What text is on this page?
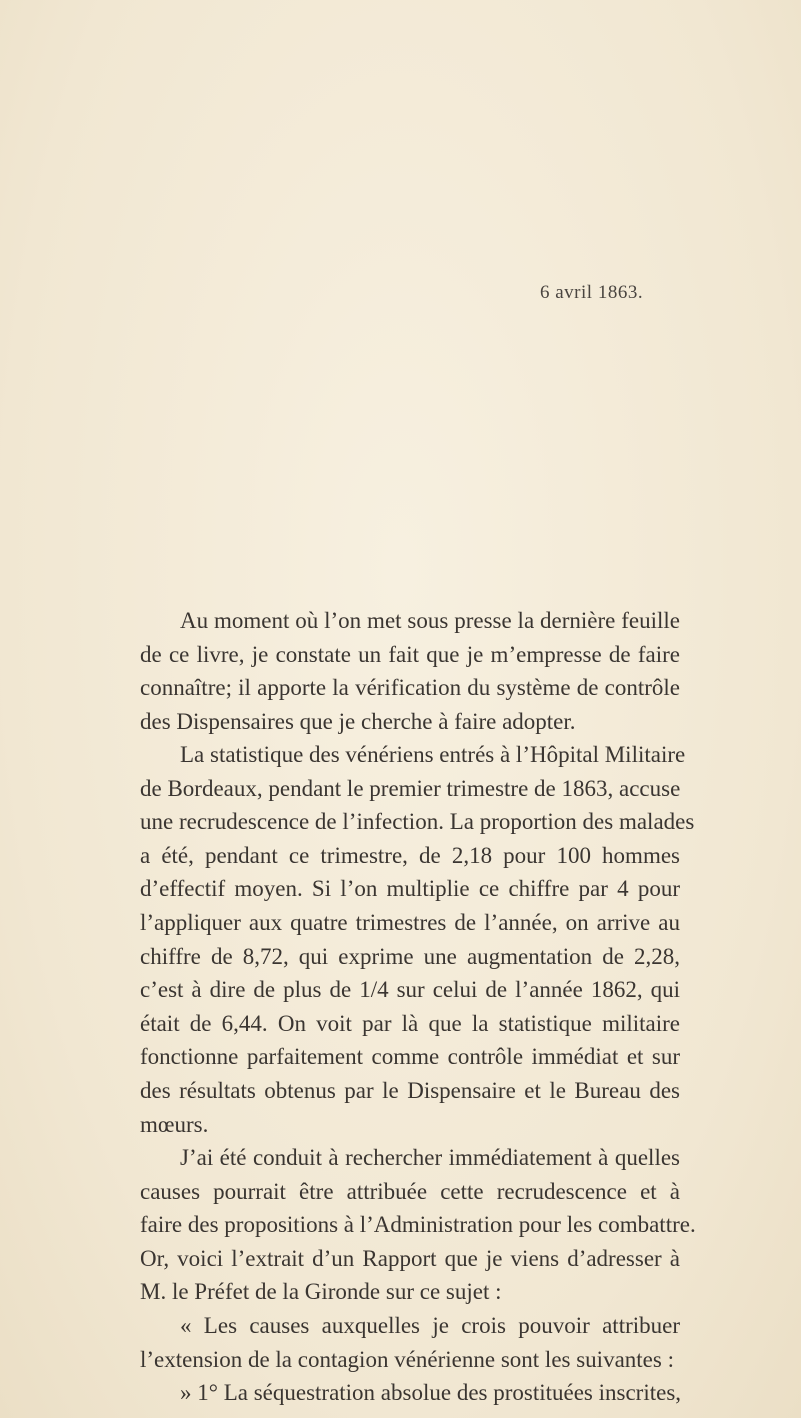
6 avril 1863.
Au moment où l’on met sous presse la dernière feuille
de ce livre, je constate un fait que je m’empresse de faire
connaître; il apporte la vérification du système de contrôle
des Dispensaires que je cherche à faire adopter.
La statistique des vénériens entrés à l’Hôpital Militaire
de Bordeaux, pendant le premier trimestre de 1863, accuse
une recrudescence de l’infection. La proportion des malades
a été, pendant ce trimestre, de 2,18 pour 100 hommes
d’effectif moyen. Si l’on multiplie ce chiffre par 4 pour
l’appliquer aux quatre trimestres de l’année, on arrive au
chiffre de 8,72, qui exprime une augmentation de 2,28,
c’est à dire de plus de 1/4 sur celui de l’année 1862, qui
était de 6,44. On voit par là que la statistique militaire
fonctionne parfaitement comme contrôle immédiat et sur
des résultats obtenus par le Dispensaire et le Bureau des
mœurs.
J’ai été conduit à rechercher immédiatement à quelles
causes pourrait être attribuée cette recrudescence et à
faire des propositions à l’Administration pour les combattre.
Or, voici l’extrait d’un Rapport que je viens d’adresser à
M. le Préfet de la Gironde sur ce sujet :
« Les causes auxquelles je crois pouvoir attribuer
l’extension de la contagion vénérienne sont les suivantes :
» 1° La séquestration absolue des prostituées inscrites,
